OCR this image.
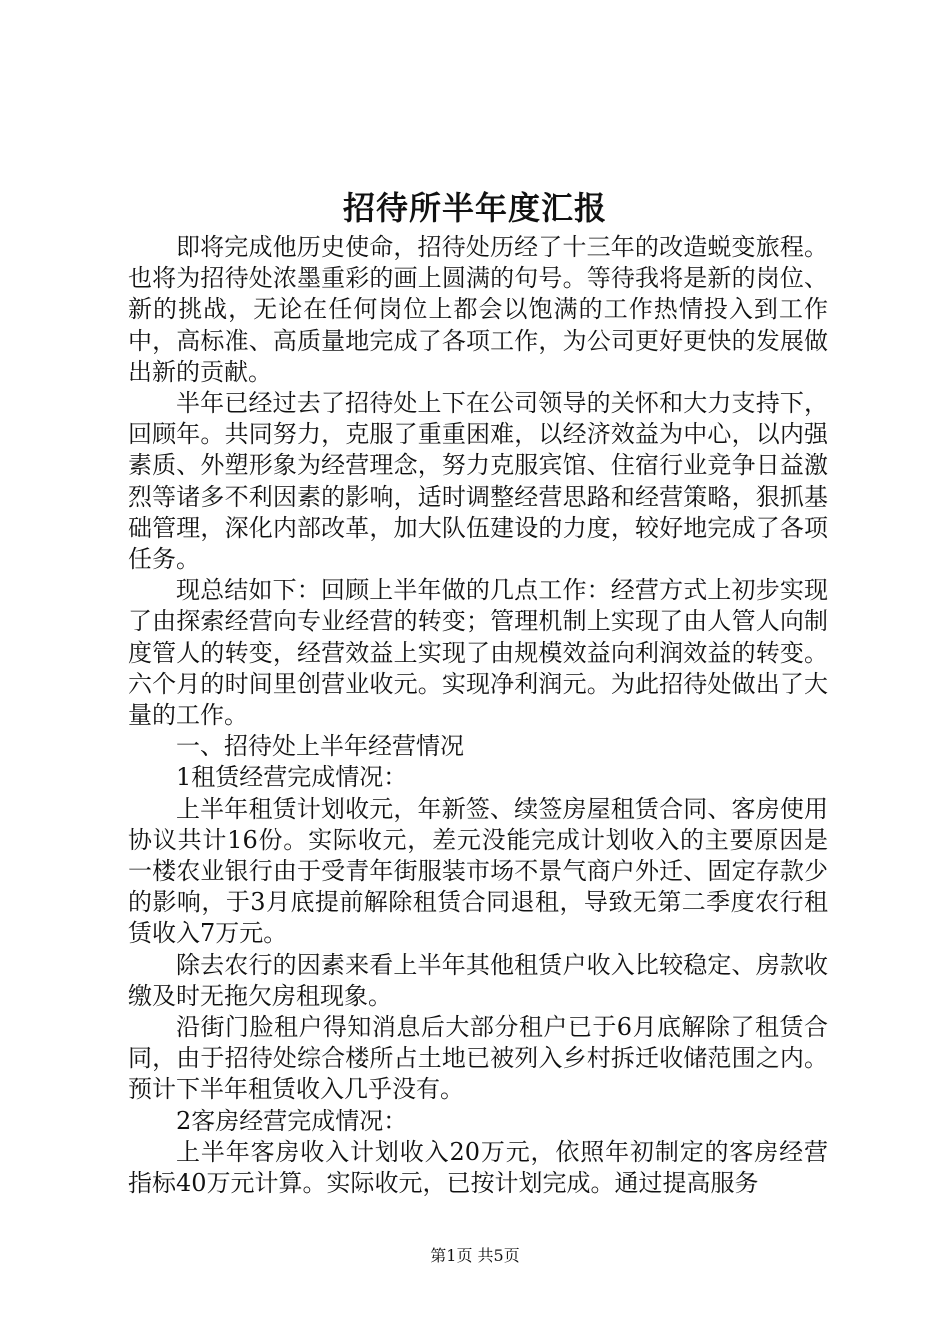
招待所半年度汇报

即将完成他历史使命，招待处历经了十三年的改造蜕变旅程。也将为招待处浓墨重彩的画上圆满的句号。等待我将是新的岗位、新的挑战，无论在任何岗位上都会以饱满的工作热情投入到工作中，高标准、高质量地完成了各项工作，为公司更好更快的发展做出新的贡献。

半年已经过去了招待处上下在公司领导的关怀和大力支持下，回顾年。共同努力，克服了重重困难，以经济效益为中心，以内强素质、外塑形象为经营理念，努力克服宾馆、住宿行业竞争日益激烈等诸多不利因素的影响，适时调整经营思路和经营策略，狠抓基础管理，深化内部改革，加大队伍建设的力度，较好地完成了各项任务。

现总结如下：回顾上半年做的几点工作：经营方式上初步实现了由探索经营向专业经营的转变；管理机制上实现了由人管人向制度管人的转变，经营效益上实现了由规模效益向利润效益的转变。六个月的时间里创营业收元。实现净利润元。为此招待处做出了大量的工作。

一、招待处上半年经营情况

1租赁经营完成情况：

上半年租赁计划收元，年新签、续签房屋租赁合同、客房使用协议共计16份。实际收元，差元没能完成计划收入的主要原因是一楼农业银行由于受青年街服装市场不景气商户外迁、固定存款少的影响，于3月底提前解除租赁合同退租，导致无第二季度农行租赁收入7万元。

除去农行的因素来看上半年其他租赁户收入比较稳定、房款收缴及时无拖欠房租现象。

沿街门脸租户得知消息后大部分租户已于6月底解除了租赁合同，由于招待处综合楼所占土地已被列入乡村拆迁收储范围之内。预计下半年租赁收入几乎没有。

2客房经营完成情况：

上半年客房收入计划收入20万元，依照年初制定的客房经营指标40万元计算。实际收元，已按计划完成。通过提高服务

第1页 共5页
